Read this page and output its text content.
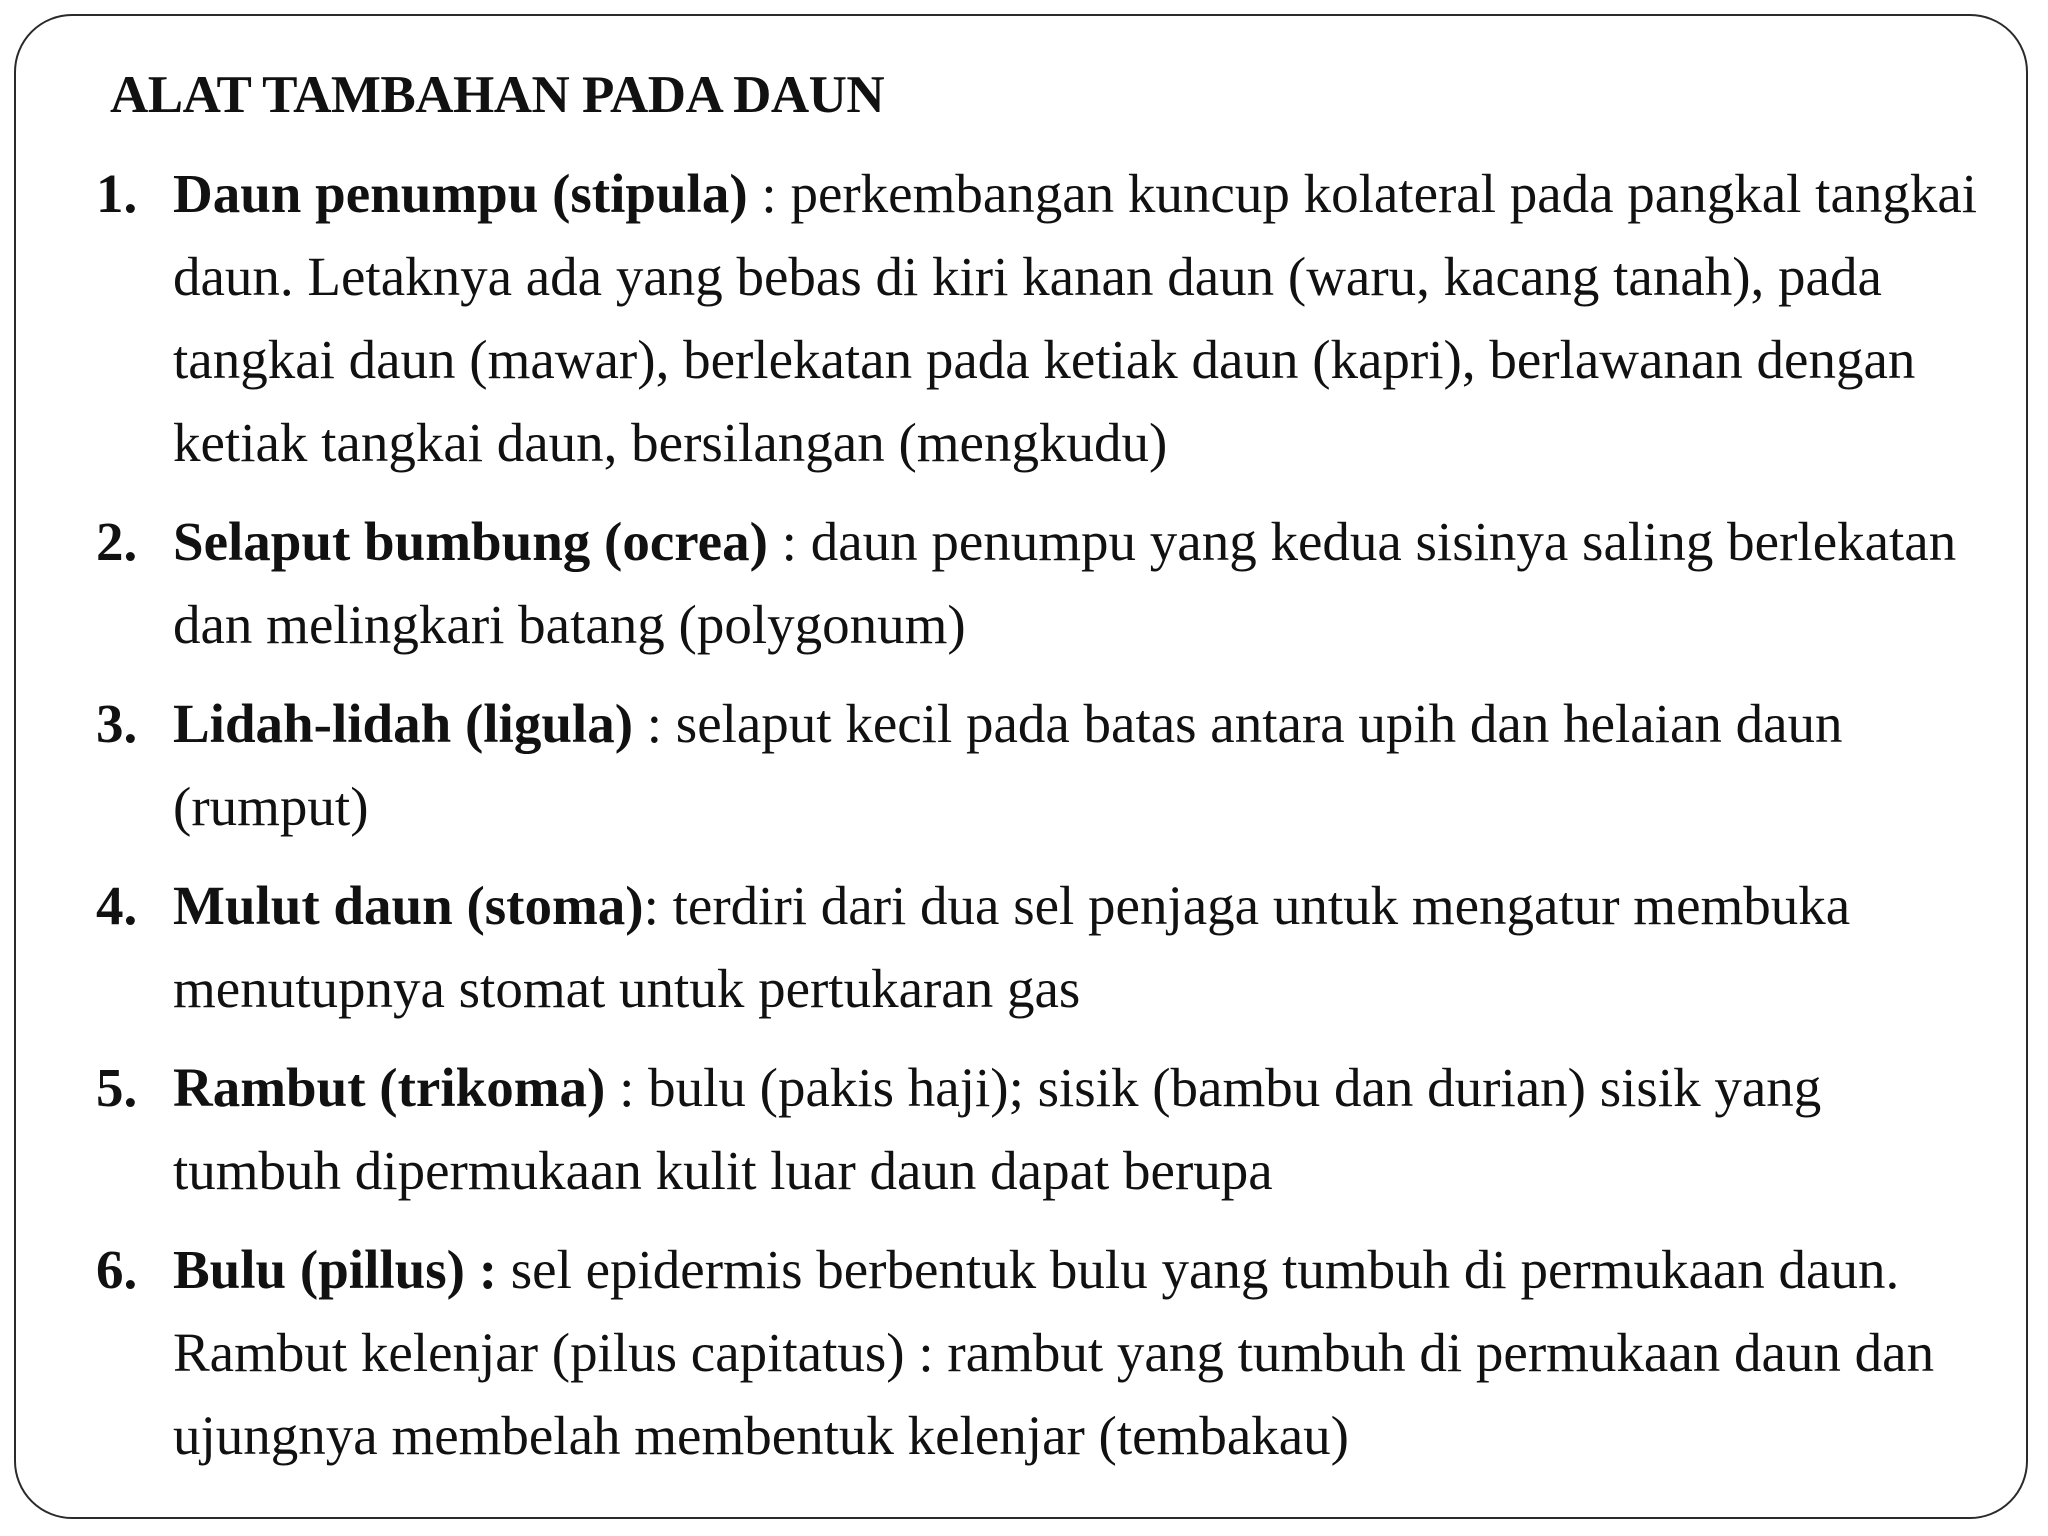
ALAT TAMBAHAN PADA DAUN
1. Daun penumpu (stipula) : perkembangan kuncup kolateral pada pangkal tangkai daun. Letaknya ada yang bebas di kiri kanan daun (waru, kacang tanah), pada tangkai daun (mawar), berlekatan pada ketiak daun (kapri), berlawanan dengan ketiak tangkai daun, bersilangan (mengkudu)
2. Selaput bumbung (ocrea) : daun penumpu yang kedua sisinya saling berlekatan dan melingkari batang (polygonum)
3. Lidah-lidah (ligula) : selaput kecil pada batas antara upih dan helaian daun (rumput)
4. Mulut daun (stoma): terdiri dari dua sel penjaga untuk mengatur membuka menutupnya stomat untuk pertukaran gas
5. Rambut (trikoma) : bulu (pakis haji); sisik (bambu dan durian) sisik yang tumbuh dipermukaan kulit luar daun dapat berupa
6. Bulu (pillus) : sel epidermis berbentuk bulu yang tumbuh di permukaan daun. Rambut kelenjar (pilus capitatus) : rambut yang tumbuh di permukaan daun dan ujungnya membelah membentuk kelenjar (tembakau)
